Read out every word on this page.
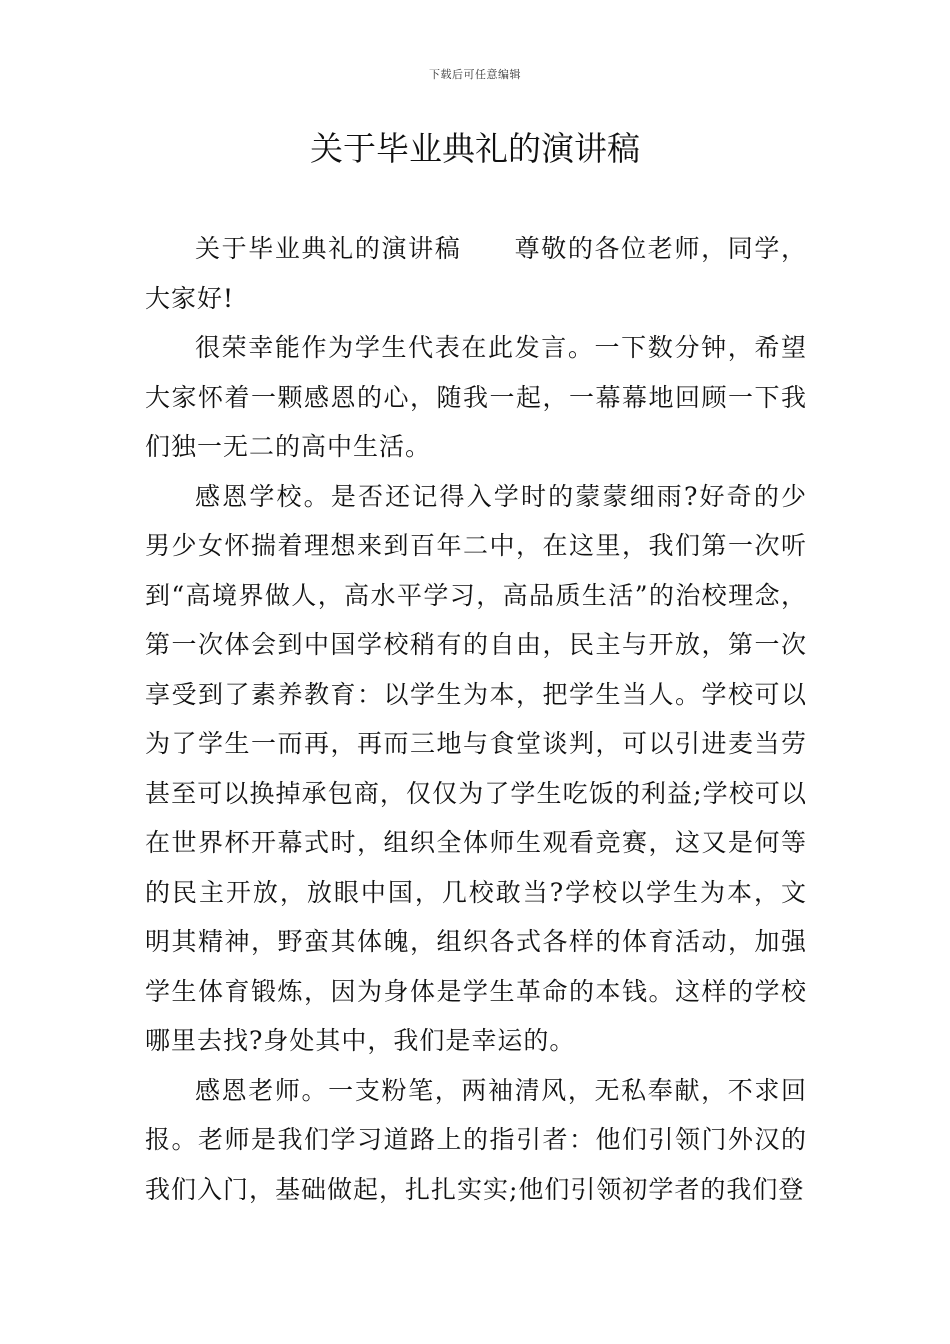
下载后可任意编辑
关于毕业典礼的演讲稿

关于毕业典礼的演讲稿　　尊敬的各位老师，同学，大家好!

很荣幸能作为学生代表在此发言。一下数分钟，希望大家怀着一颗感恩的心，随我一起，一幕幕地回顾一下我们独一无二的高中生活。

感恩学校。是否还记得入学时的蒙蒙细雨?好奇的少男少女怀揣着理想来到百年二中，在这里，我们第一次听到“高境界做人，高水平学习，高品质生活”的治校理念，第一次体会到中国学校稍有的自由，民主与开放，第一次享受到了素养教育：以学生为本，把学生当人。学校可以为了学生一而再，再而三地与食堂谈判，可以引进麦当劳甚至可以换掉承包商，仅仅为了学生吃饭的利益;学校可以在世界杯开幕式时，组织全体师生观看竞赛，这又是何等的民主开放，放眼中国，几校敢当?学校以学生为本，文明其精神，野蛮其体魄，组织各式各样的体育活动，加强学生体育锻炼，因为身体是学生革命的本钱。这样的学校哪里去找?身处其中，我们是幸运的。

感恩老师。一支粉笔，两袖清风，无私奉献，不求回报。老师是我们学习道路上的指引者：他们引领门外汉的我们入门，基础做起，扎扎实实;他们引领初学者的我们登
